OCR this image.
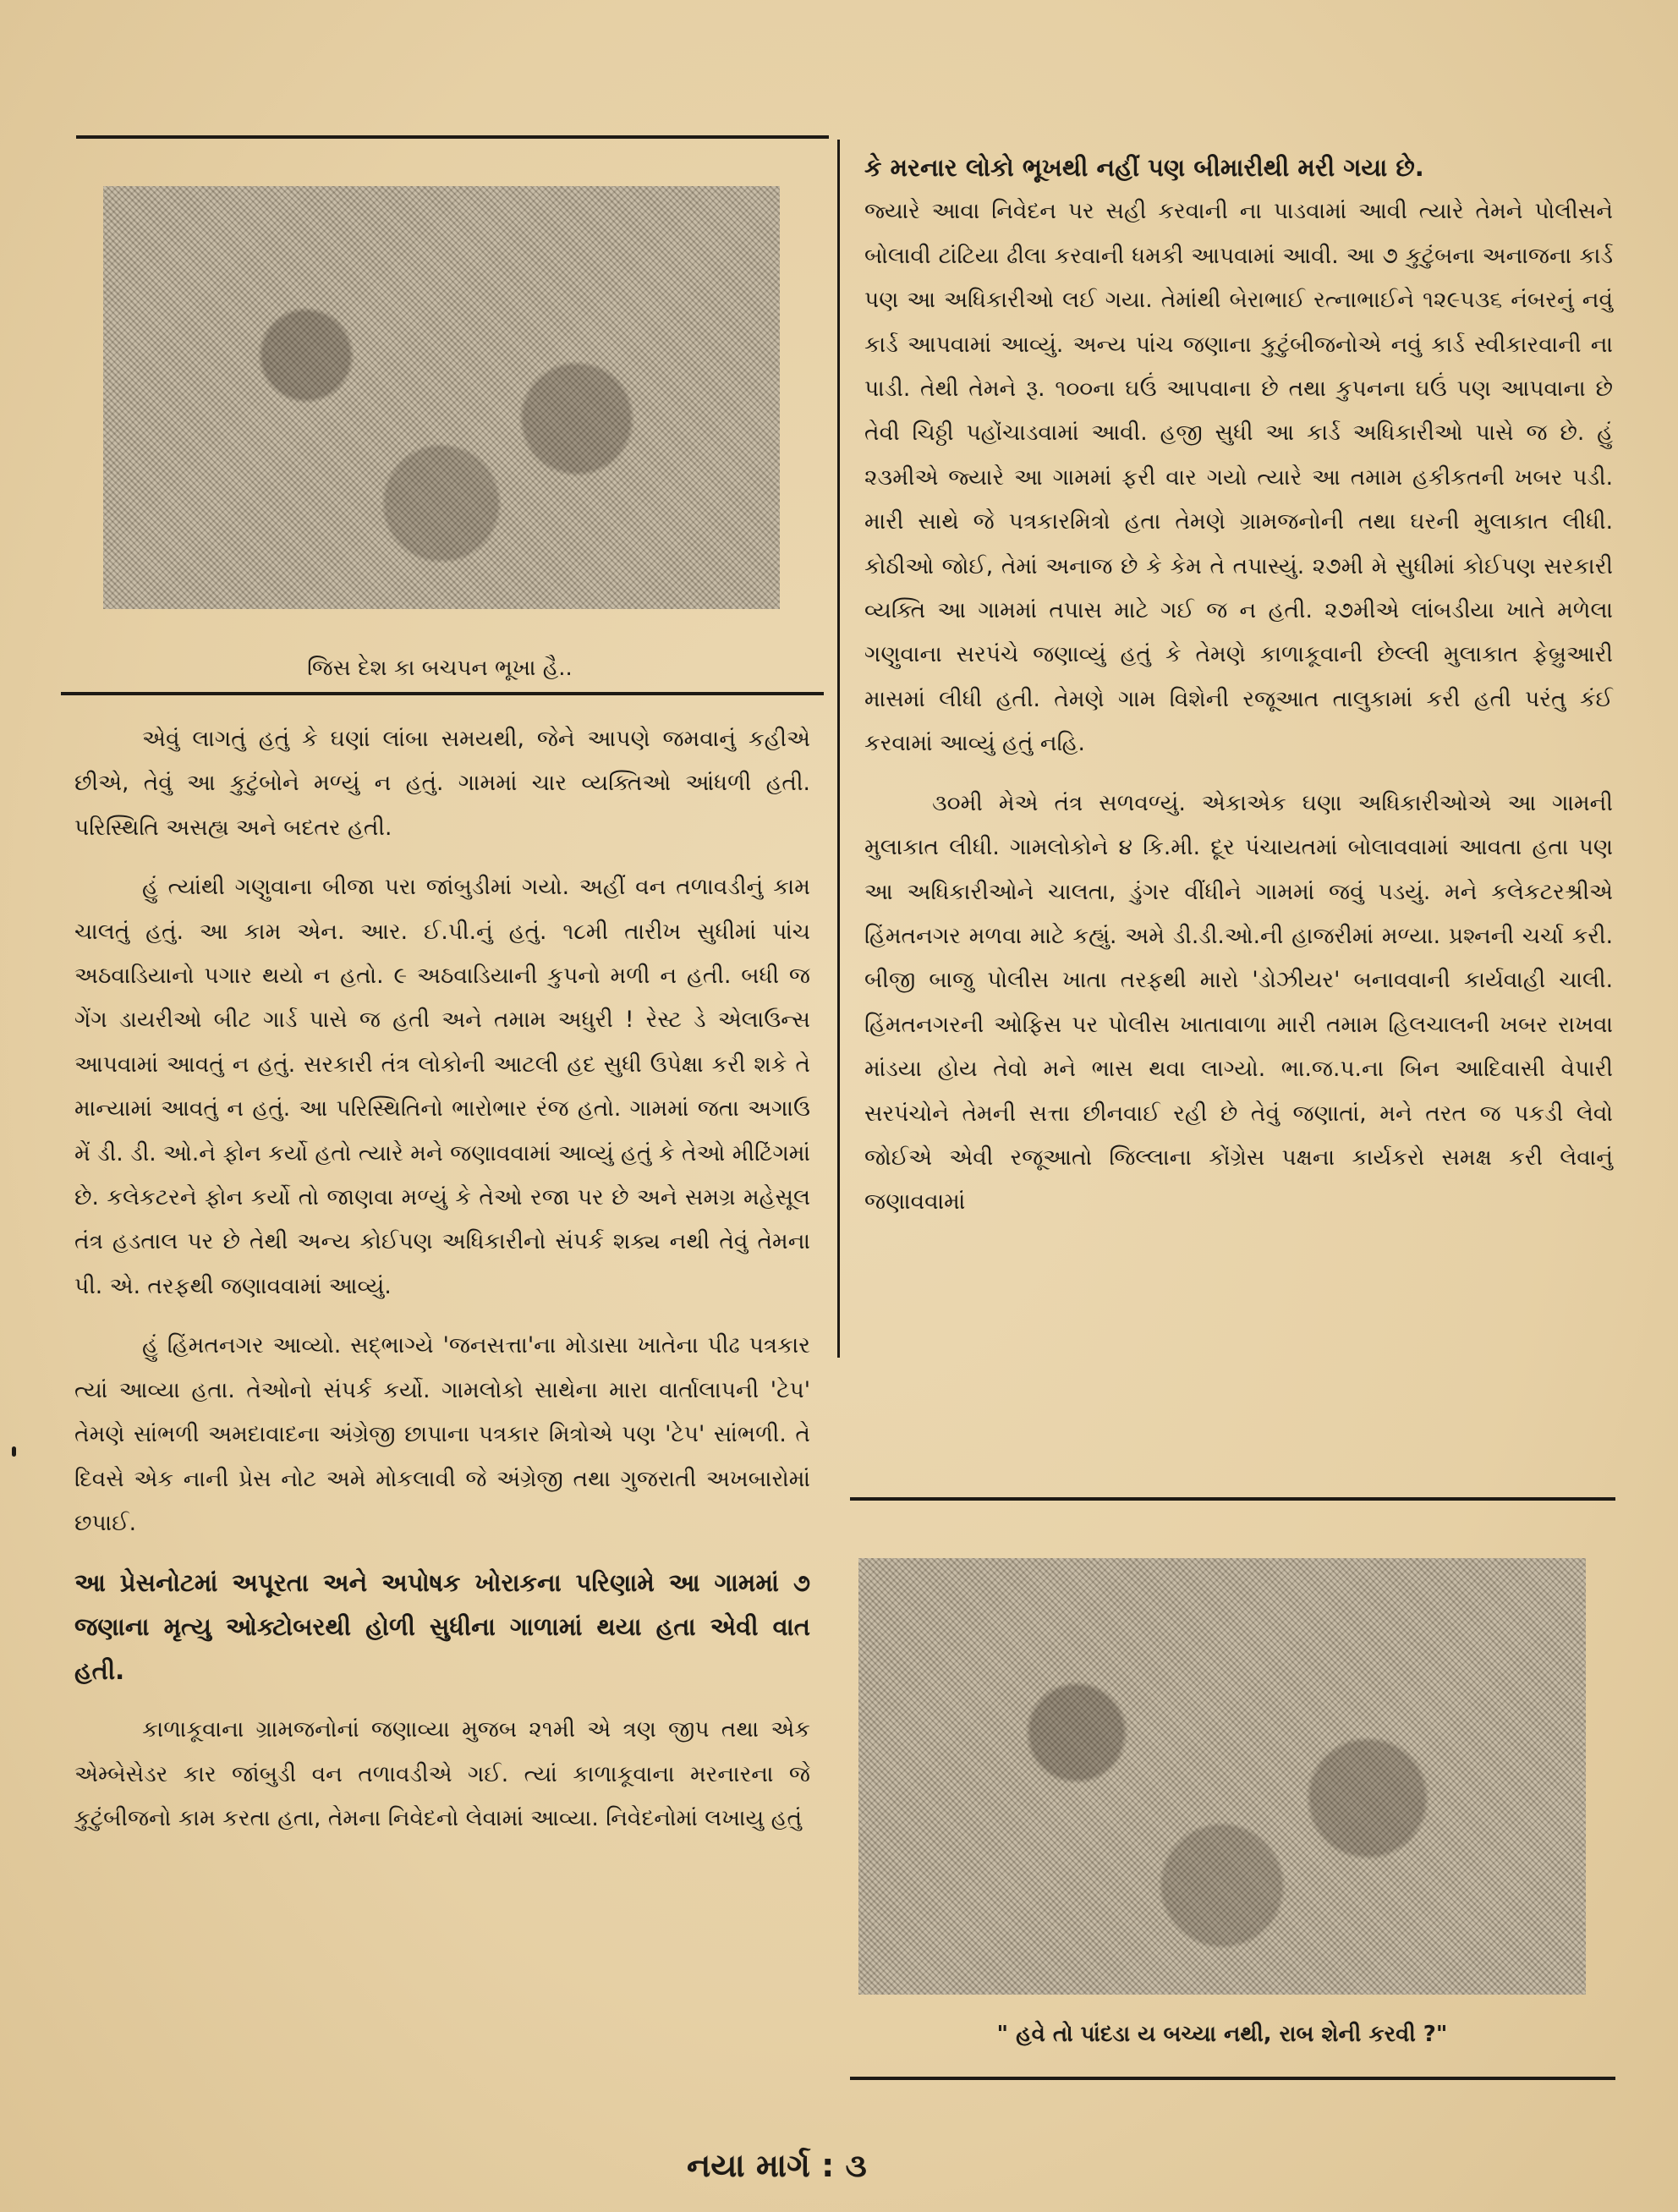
જિસ દેશ કા બચપન ભૂખા હૈ..

એવું લાગતું હતું કે ઘણાં લાંબા સમયથી, જેને આપણે જમવાનું કહીએ છીએ, તેવું આ કુટુંબોને મળ્યું ન હતું. ગામમાં ચાર વ્યક્તિઓ આંધળી હતી. પરિસ્થિતિ અસહ્ય અને બદતર હતી.

હું ત્યાંથી ગણુવાના બીજા પરા જાંબુડીમાં ગયો. અહીં વન તળાવડીનું કામ ચાલતું હતું. આ કામ એન. આર. ઈ.પી.નું હતું. ૧૮મી તારીખ સુધીમાં પાંચ અઠવાડિયાનો પગાર થયો ન હતો. ૯ અઠવાડિયાની કુપનો મળી ન હતી. બધી જ ગેંગ ડાયરીઓ બીટ ગાર્ડ પાસે જ હતી અને તમામ અધુરી ! રેસ્ટ ડે એલાઉન્સ આપવામાં આવતું ન હતું. સરકારી તંત્ર લોકોની આટલી હદ સુધી ઉપેક્ષા કરી શકે તે માન્યામાં આવતું ન હતું. આ પરિસ્થિતિનો ભારોભાર રંજ હતો. ગામમાં જતા અગાઉ મેં ડી. ડી. ઓ.ને ફોન કર્યો હતો ત્યારે મને જણાવવામાં આવ્યું હતું કે તેઓ મીટિંગમાં છે. કલેકટરને ફોન કર્યો તો જાણવા મળ્યું કે તેઓ રજા પર છે અને સમગ્ર મહેસૂલ તંત્ર હડતાલ પર છે તેથી અન્ય કોઈપણ અધિકારીનો સંપર્ક શક્ય નથી તેવું તેમના પી. એ. તરફથી જણાવવામાં આવ્યું.

હું હિંમતનગર આવ્યો. સદ્ભાગ્યે 'જનસત્તા'ના મોડાસા ખાતેના પીઢ પત્રકાર ત્યાં આવ્યા હતા. તેઓનો સંપર્ક કર્યો. ગામલોકો સાથેના મારા વાર્તાલાપની 'ટેપ' તેમણે સાંભળી અમદાવાદના અંગ્રેજી છાપાના પત્રકાર મિત્રોએ પણ 'ટેપ' સાંભળી. તે દિવસે એક નાની પ્રેસ નોટ અમે મોકલાવી જે અંગ્રેજી તથા ગુજરાતી અખબારોમાં છપાઈ.

આ પ્રેસનોટમાં અપૂરતા અને અપોષક ખોરાકના પરિણામે આ ગામમાં ૭ જણાના મૃત્યુ ઓક્ટોબરથી હોળી સુધીના ગાળામાં થયા હતા એવી વાત હતી.

કાળાકૂવાના ગ્રામજનોનાં જણાવ્યા મુજબ ૨૧મી એ ત્રણ જીપ તથા એક એમ્બેસેડર કાર જાંબુડી વન તળાવડીએ ગઈ. ત્યાં કાળાકૂવાના મરનારના જે કુટુંબીજનો કામ કરતા હતા, તેમના નિવેદનો લેવામાં આવ્યા. નિવેદનોમાં લખાયુ હતું

કે મરનાર લોકો ભૂખથી નહીં પણ બીમારીથી મરી ગયા છે.

જ્યારે આવા નિવેદન પર સહી કરવાની ના પાડવામાં આવી ત્યારે તેમને પોલીસને બોલાવી ટાંટિયા ઢીલા કરવાની ધમકી આપવામાં આવી. આ ૭ કુટુંબના અનાજના કાર્ડ પણ આ અધિકારીઓ લઈ ગયા. તેમાંથી બેરાભાઈ રત્નાભાઈને ૧૨૯૫૩૬ નંબરનું નવું કાર્ડ આપવામાં આવ્યું. અન્ય પાંચ જણાના કુટુંબીજનોએ નવું કાર્ડ સ્વીકારવાની ના પાડી. તેથી તેમને રૂ. ૧૦૦ના ઘઉં આપવાના છે તથા કુપનના ઘઉં પણ આપવાના છે તેવી ચિઠ્ઠી પહોંચાડવામાં આવી. હજી સુધી આ કાર્ડ અધિકારીઓ પાસે જ છે. હું ૨૩મીએ જ્યારે આ ગામમાં ફરી વાર ગયો ત્યારે આ તમામ હકીકતની ખબર પડી. મારી સાથે જે પત્રકારમિત્રો હતા તેમણે ગ્રામજનોની તથા ઘરની મુલાકાત લીધી. કોઠીઓ જોઈ, તેમાં અનાજ છે કે કેમ તે તપાસ્યું. ૨૭મી મે સુધીમાં કોઈપણ સરકારી વ્યક્તિ આ ગામમાં તપાસ માટે ગઈ જ ન હતી. ૨૭મીએ લાંબડીયા ખાતે મળેલા ગણુવાના સરપંચે જણાવ્યું હતું કે તેમણે કાળાકૂવાની છેલ્લી મુલાકાત ફેબ્રુઆરી માસમાં લીધી હતી. તેમણે ગામ વિશેની રજૂઆત તાલુકામાં કરી હતી પરંતુ કંઈ કરવામાં આવ્યું હતું નહિ.

૩૦મી મેએ તંત્ર સળવળ્યું. એકાએક ઘણા અધિકારીઓએ આ ગામની મુલાકાત લીધી. ગામલોકોને ૪ કિ.મી. દૂર પંચાયતમાં બોલાવવામાં આવતા હતા પણ આ અધિકારીઓને ચાલતા, ડુંગર વીંધીને ગામમાં જવું પડયું. મને કલેકટરશ્રીએ હિંમતનગર મળવા માટે કહ્યું. અમે ડી.ડી.ઓ.ની હાજરીમાં મળ્યા. પ્રશ્નની ચર્ચા કરી. બીજી બાજુ પોલીસ ખાતા તરફથી મારો 'ડોઝીયર' બનાવવાની કાર્યવાહી ચાલી. હિંમતનગરની ઓફિસ પર પોલીસ ખાતાવાળા મારી તમામ હિલચાલની ખબર રાખવા માંડયા હોય તેવો મને ભાસ થવા લાગ્યો. ભા.જ.પ.ના બિન આદિવાસી વેપારી સરપંચોને તેમની સત્તા છીનવાઈ રહી છે તેવું જણાતાં, મને તરત જ પકડી લેવો જોઈએ એવી રજૂઆતો જિલ્લાના કોંગ્રેસ પક્ષના કાર્યકરો સમક્ષ કરી લેવાનું જણાવવામાં

" હવે તો પાંદડા ય બચ્યા નથી, રાબ શેની કરવી ?"
નયા માર્ગ : ૩
